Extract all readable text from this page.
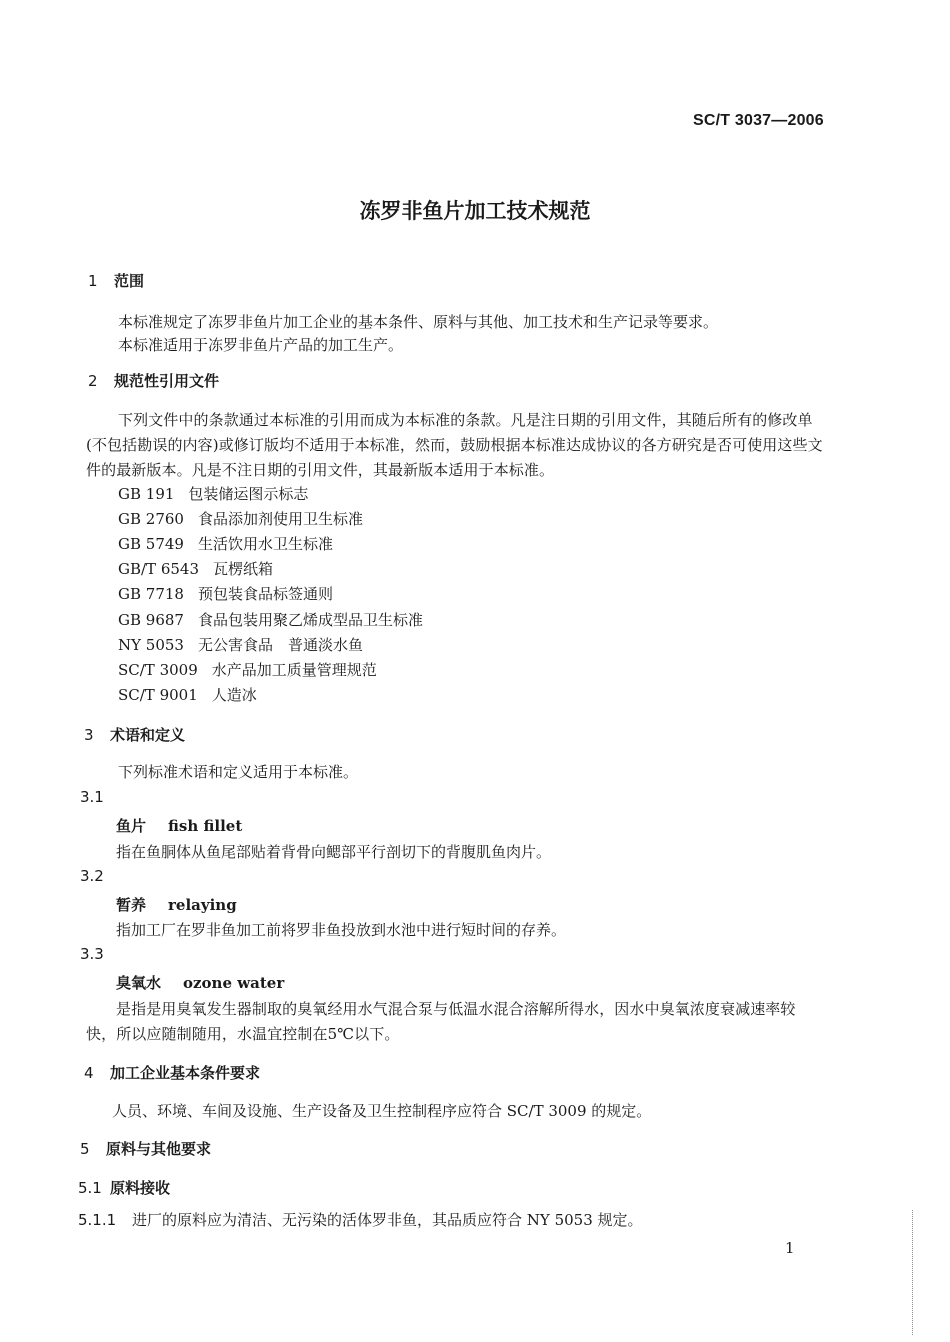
SC/T 3037—2006
冻罗非鱼片加工技术规范
1 范围
本标准规定了冻罗非鱼片加工企业的基本条件、原料与其他、加工技术和生产记录等要求。
本标准适用于冻罗非鱼片产品的加工生产。
2 规范性引用文件
下列文件中的条款通过本标准的引用而成为本标准的条款。凡是注日期的引用文件，其随后所有的修改单(不包括勘误的内容)或修订版均不适用于本标准，然而，鼓励根据本标准达成协议的各方研究是否可使用这些文件的最新版本。凡是不注日期的引用文件，其最新版本适用于本标准。
GB 191 包装储运图示标志
GB 2760 食品添加剂使用卫生标准
GB 5749 生活饮用水卫生标准
GB/T 6543 瓦楞纸箱
GB 7718 预包装食品标签通则
GB 9687 食品包装用聚乙烯成型品卫生标准
NY 5053 无公害食品　普通淡水鱼
SC/T 3009 水产品加工质量管理规范
SC/T 9001 人造冰
3 术语和定义
下列标准术语和定义适用于本标准。
3.1
鱼片 fish fillet
指在鱼胴体从鱼尾部贴着背骨向鳃部平行剖切下的背腹肌鱼肉片。
3.2
暂养 relaying
指加工厂在罗非鱼加工前将罗非鱼投放到水池中进行短时间的存养。
3.3
臭氧水 ozone water
是指是用臭氧发生器制取的臭氧经用水气混合泵与低温水混合溶解所得水，因水中臭氧浓度衰减速率较快，所以应随制随用，水温宜控制在5℃以下。
4 加工企业基本条件要求
人员、环境、车间及设施、生产设备及卫生控制程序应符合 SC/T 3009 的规定。
5 原料与其他要求
5.1 原料接收
5.1.1 进厂的原料应为清洁、无污染的活体罗非鱼，其品质应符合 NY 5053 规定。
1
